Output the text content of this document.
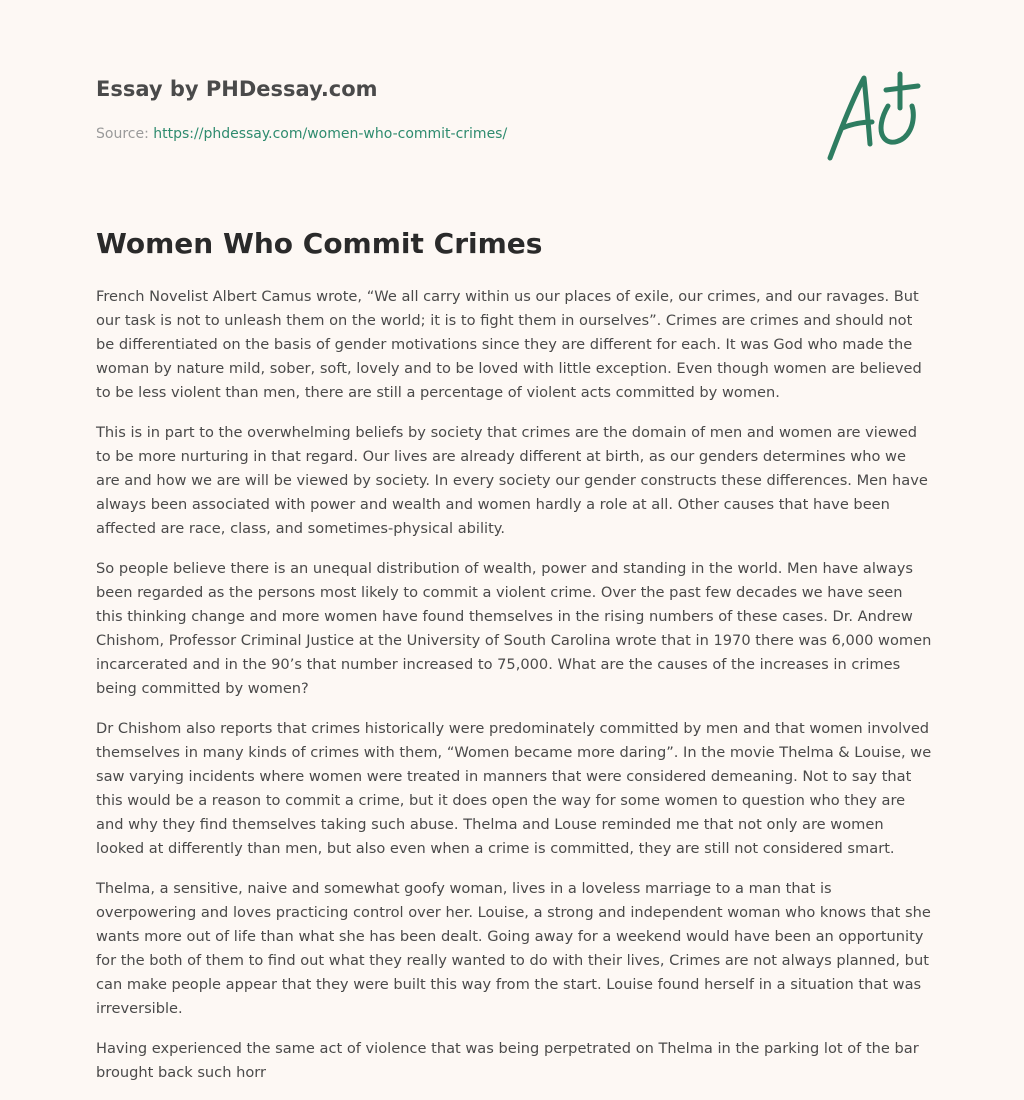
Essay by PHDessay.com
Source: https://phdessay.com/women-who-commit-crimes/
Women Who Commit Crimes

French Novelist Albert Camus wrote, “We all carry within us our places of exile, our crimes, and our ravages. But our task is not to unleash them on the world; it is to fight them in ourselves”. Crimes are crimes and should not be differentiated on the basis of gender motivations since they are different for each. It was God who made the woman by nature mild, sober, soft, lovely and to be loved with little exception. Even though women are believed to be less violent than men, there are still a percentage of violent acts committed by women.

This is in part to the overwhelming beliefs by society that crimes are the domain of men and women are viewed to be more nurturing in that regard. Our lives are already different at birth, as our genders determines who we are and how we are will be viewed by society. In every society our gender constructs these differences. Men have always been associated with power and wealth and women hardly a role at all. Other causes that have been affected are race, class, and sometimes-physical ability.

So people believe there is an unequal distribution of wealth, power and standing in the world. Men have always been regarded as the persons most likely to commit a violent crime. Over the past few decades we have seen this thinking change and more women have found themselves in the rising numbers of these cases. Dr. Andrew Chishom, Professor Criminal Justice at the University of South Carolina wrote that in 1970 there was 6,000 women incarcerated and in the 90’s that number increased to 75,000. What are the causes of the increases in crimes being committed by women?

Dr Chishom also reports that crimes historically were predominately committed by men and that women involved themselves in many kinds of crimes with them, “Women became more daring”. In the movie Thelma & Louise, we saw varying incidents where women were treated in manners that were considered demeaning. Not to say that this would be a reason to commit a crime, but it does open the way for some women to question who they are and why they find themselves taking such abuse. Thelma and Louse reminded me that not only are women looked at differently than men, but also even when a crime is committed, they are still not considered smart.

Thelma, a sensitive, naive and somewhat goofy woman, lives in a loveless marriage to a man that is overpowering and loves practicing control over her. Louise, a strong and independent woman who knows that she wants more out of life than what she has been dealt. Going away for a weekend would have been an opportunity for the both of them to find out what they really wanted to do with their lives, Crimes are not always planned, but can make people appear that they were built this way from the start. Louise found herself in a situation that was irreversible.

Having experienced the same act of violence that was being perpetrated on Thelma in the parking lot of the bar brought back such horr
